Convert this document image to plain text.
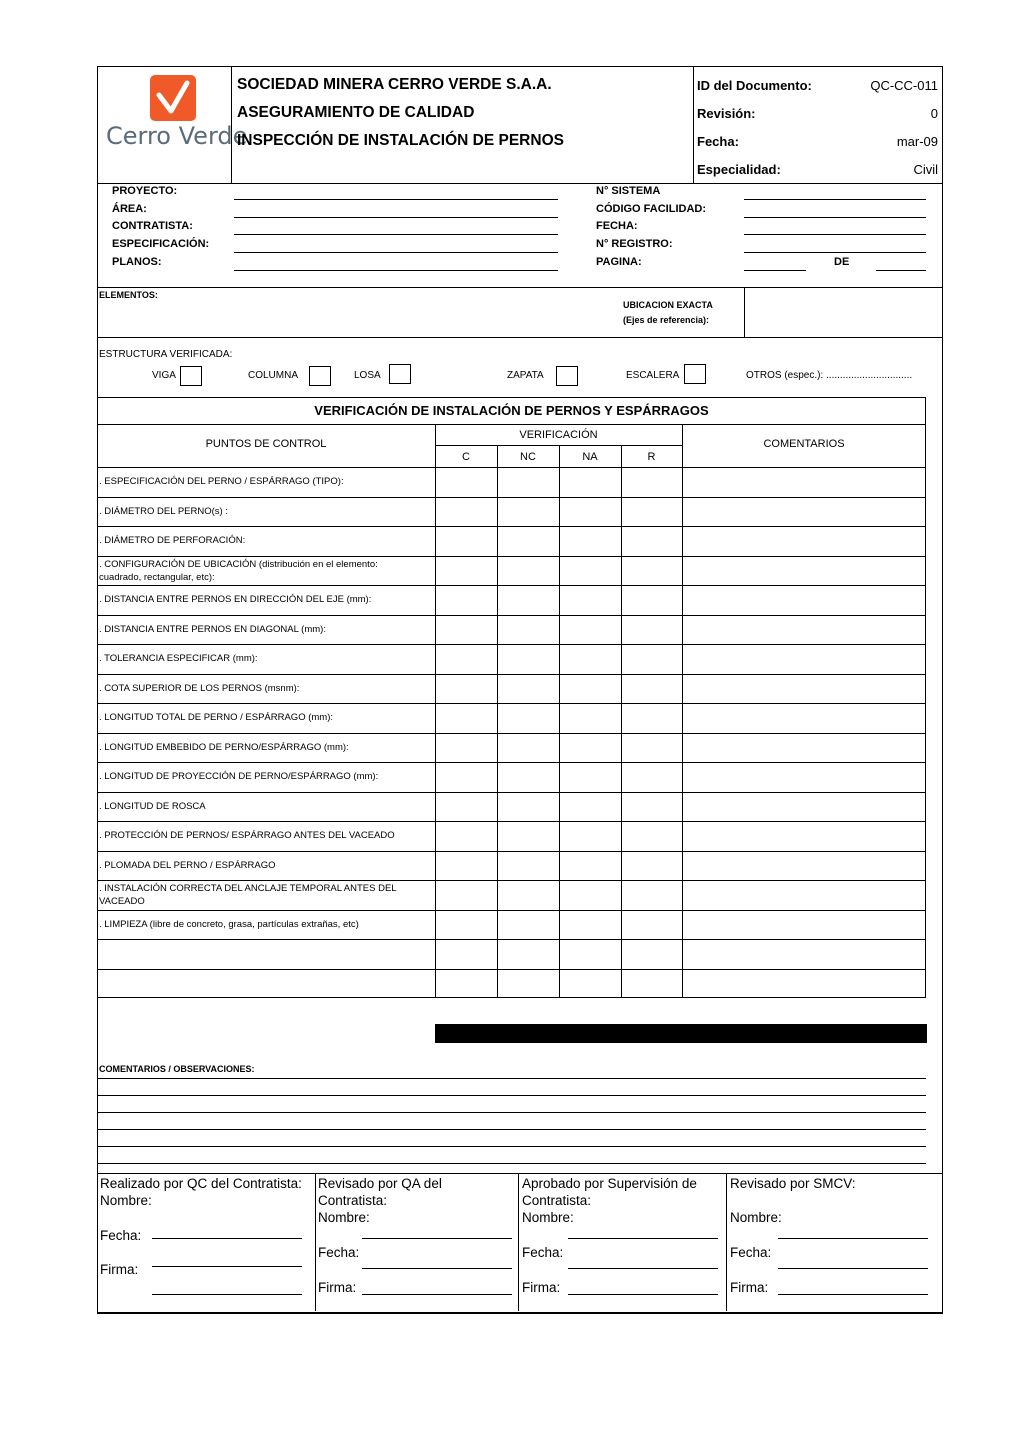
Cerro Verde
SOCIEDAD MINERA CERRO VERDE S.A.A.
ASEGURAMIENTO DE CALIDAD
INSPECCIÓN DE INSTALACIÓN DE PERNOS
ID del Documento:	QC-CC-011
Revisión:	0
Fecha:	mar-09
Especialidad:	Civil
PROYECTO:
ÁREA:
CONTRATISTA:
ESPECIFICACIÓN:
PLANOS:
N° SISTEMA
CÓDIGO FACILIDAD:
FECHA:
N° REGISTRO:
PAGINA:	DE
ELEMENTOS:
UBICACION EXACTA
(Ejes de referencia):
ESTRUCTURA VERIFICADA:
VIGA	COLUMNA	LOSA	ZAPATA	ESCALERA	OTROS (espec.): ...............................
VERIFICACIÓN DE INSTALACIÓN DE PERNOS Y ESPÁRRAGOS
PUNTOS DE CONTROL
VERIFICACIÓN
C	NC	NA	R
COMENTARIOS
. ESPECIFICACIÓN DEL PERNO / ESPÁRRAGO (TIPO):
. DIÁMETRO DEL PERNO(s) :
. DIÁMETRO DE PERFORACIÓN:
. CONFIGURACIÓN DE UBICACIÓN (distribución en el elemento:
cuadrado, rectangular, etc):
. DISTANCIA ENTRE PERNOS EN DIRECCIÓN DEL EJE (mm):
. DISTANCIA ENTRE PERNOS EN DIAGONAL (mm):
. TOLERANCIA ESPECIFICAR (mm):
. COTA SUPERIOR DE LOS PERNOS (msnm):
. LONGITUD TOTAL DE PERNO / ESPÁRRAGO (mm):
. LONGITUD EMBEBIDO DE PERNO/ESPÁRRAGO (mm):
. LONGITUD DE PROYECCIÓN DE PERNO/ESPÁRRAGO (mm):
. LONGITUD DE ROSCA
. PROTECCIÓN DE PERNOS/ ESPÁRRAGO ANTES DEL VACEADO
. PLOMADA DEL PERNO / ESPÁRRAGO
. INSTALACIÓN CORRECTA DEL ANCLAJE TEMPORAL ANTES DEL
VACEADO
. LIMPIEZA (libre de concreto, grasa, partículas extrañas, etc)
COMENTARIOS / OBSERVACIONES:
Realizado por QC del Contratista:
Nombre:
Fecha:
Firma:
Revisado por QA del
Contratista:
Nombre:
Fecha:
Firma:
Aprobado por Supervisión de
Contratista:
Nombre:
Fecha:
Firma:
Revisado por SMCV:
Nombre:
Fecha:
Firma:
